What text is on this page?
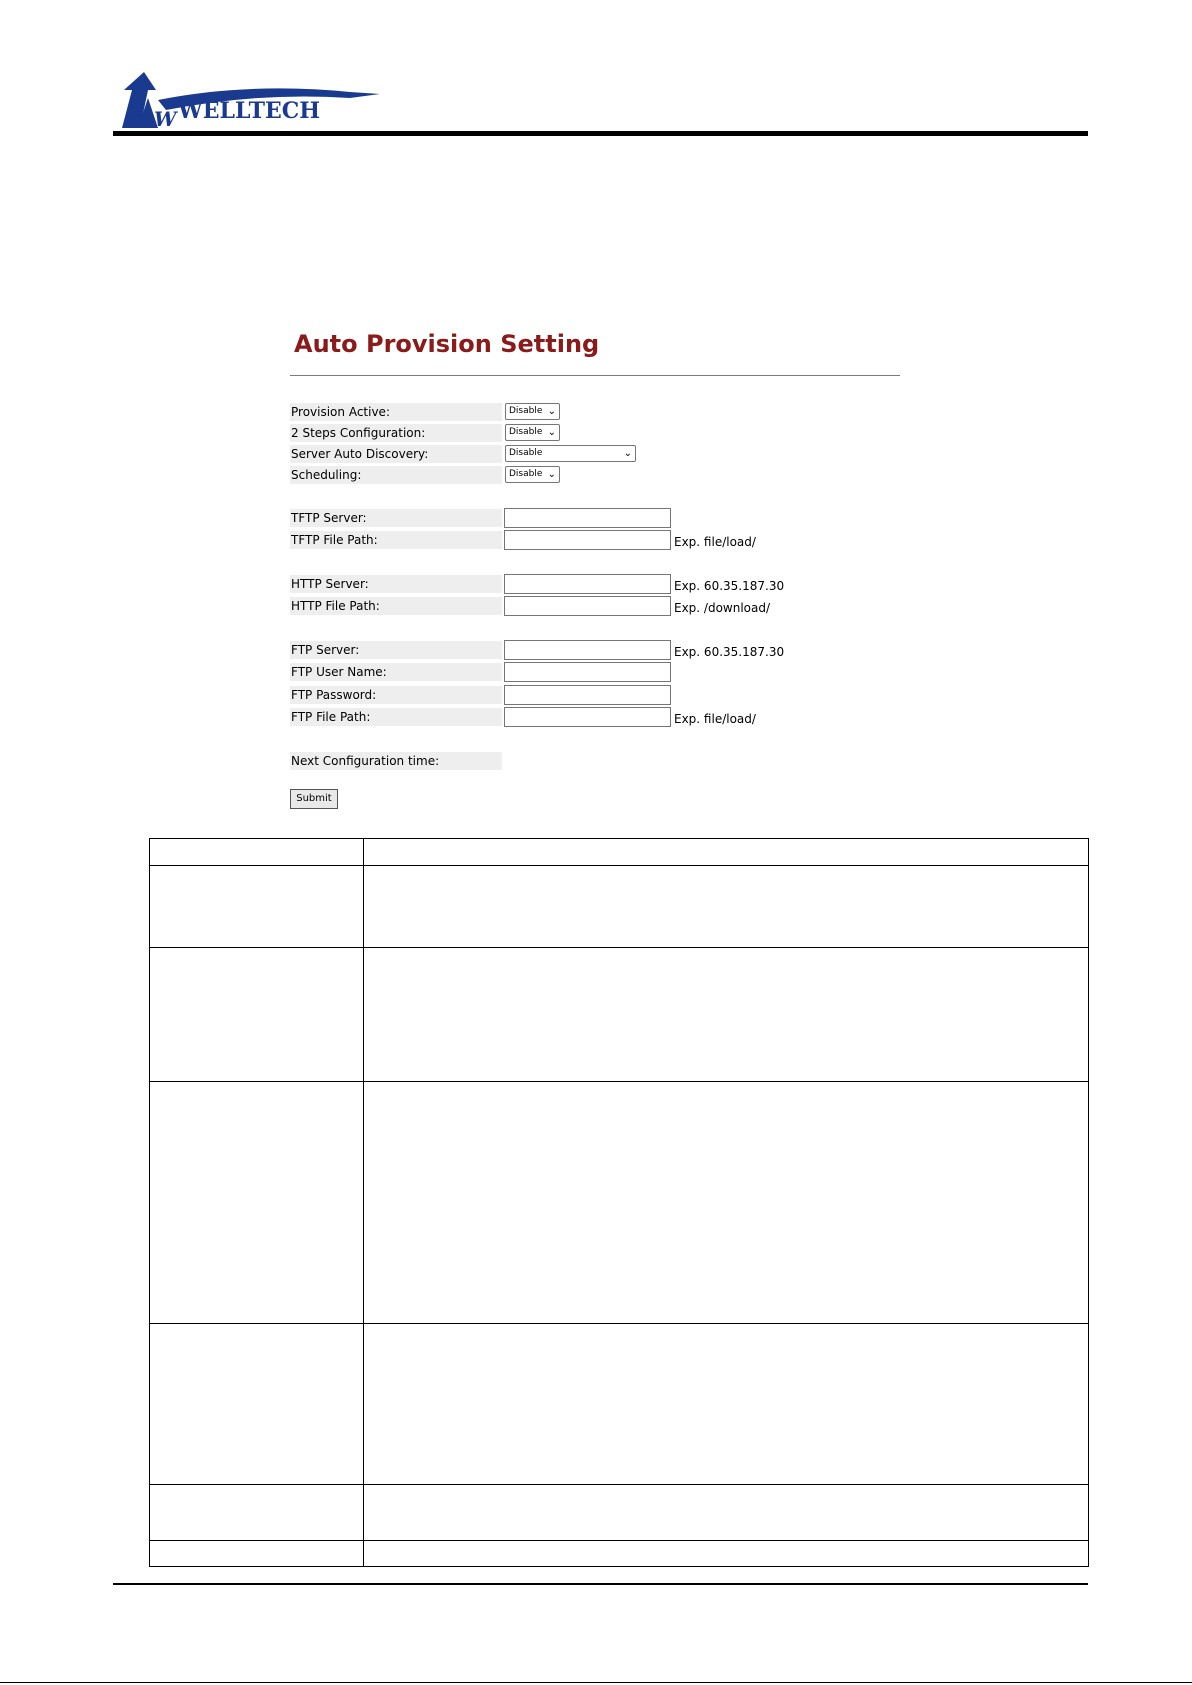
W WELLTECH
Auto Provision Setting
Provision Active:	Disable ⌄
2 Steps Configuration:	Disable ⌄
Server Auto Discovery:	Disable	⌄
Scheduling:	Disable ⌄
TFTP Server:
TFTP File Path:	Exp. file/load/
HTTP Server:	Exp. 60.35.187.30
HTTP File Path:	Exp. /download/
FTP Server:	Exp. 60.35.187.30
FTP User Name:
FTP Password:
FTP File Path:	Exp. file/load/
Next Configuration time:
Submit
